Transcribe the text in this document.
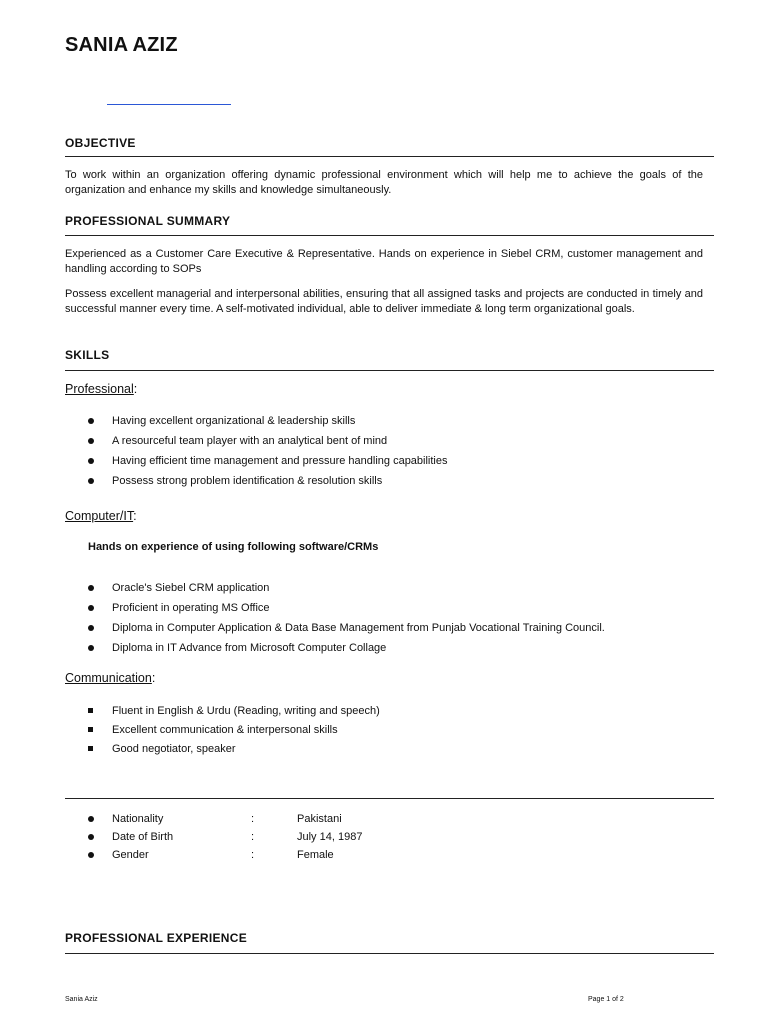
SANIA AZIZ
OBJECTIVE
To work within an organization offering dynamic professional environment which will help me to achieve the goals of the organization and enhance my skills and knowledge simultaneously.
PROFESSIONAL SUMMARY
Experienced as a Customer Care Executive & Representative. Hands on experience in Siebel CRM, customer management and handling according to SOPs
Possess excellent managerial and interpersonal abilities, ensuring that all assigned tasks and projects are conducted in timely and successful manner every time. A self-motivated individual, able to deliver immediate & long term organizational goals.
SKILLS
Professional:
Having excellent organizational & leadership skills
A resourceful team player with an analytical bent of mind
Having efficient time management and pressure handling capabilities
Possess strong problem identification & resolution skills
Computer/IT:
Hands on experience of using following software/CRMs
Oracle's Siebel CRM application
Proficient in operating MS Office
Diploma in Computer Application & Data Base Management from Punjab Vocational Training Council.
Diploma in IT Advance from Microsoft Computer Collage
Communication:
Fluent in English & Urdu (Reading, writing and speech)
Excellent communication & interpersonal skills
Good negotiator, speaker
Nationality	:	Pakistani
Date of Birth	:	July 14, 1987
Gender	:	Female
PROFESSIONAL EXPERIENCE
Sania Aziz	Page 1 of 2
